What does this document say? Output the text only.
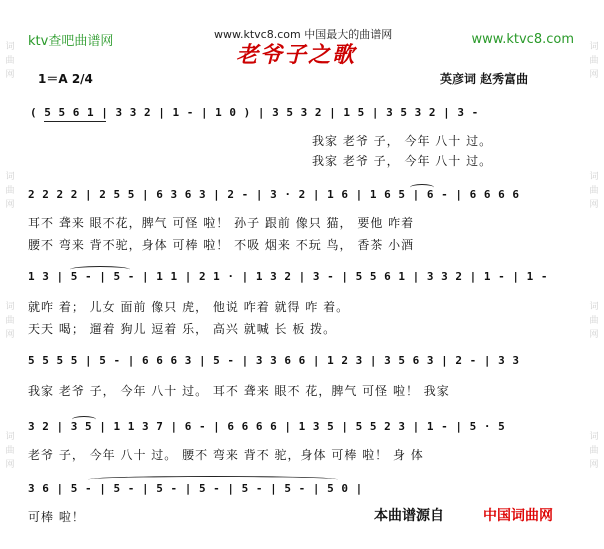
词曲网
词曲网
词曲网
词曲网
词曲网
词曲网
词曲网
词曲网
ktv查吧曲谱网	www.ktvc8.com 中国最大的曲谱网	www.ktvc8.com
老爷子之歌
1＝A 2/4	英彦词 赵秀富曲
( 5 5 6 1 | 3 3 2 | 1 - | 1 0 ) | 3 5 3 2 | 1 5 | 3 5 3 2 | 3 -
我家 老爷 子， 今年 八十 过。
我家 老爷 子， 今年 八十 过。
2 2 2 2 | 2 5 5 | 6 3 6 3 | 2 - | 3 · 2 | 1 6 | 1 6 5 | 6 - | 6 6 6 6
耳不 聋来 眼不花，脾气 可怪 啦！ 孙子 跟前 像只 猫， 要他 咋着
腰不 弯来 背不驼，身体 可棒 啦！ 不吸 烟来 不玩 鸟， 香茶 小酒
1 3 | 5 - | 5 - | 1 1 | 2 1 · | 1 3 2 | 3 - | 5 5 6 1 | 3 3 2 | 1 - | 1 -
就咋 着； 儿女 面前 像只 虎， 他说 咋着 就得 咋 着。
天天 喝； 遛着 狗儿 逗着 乐， 高兴 就喊 长 板 拨。
5 5 5 5 | 5 - | 6 6 6 3 | 5 - | 3 3 6 6 | 1 2 3 | 3 5 6 3 | 2 - | 3 3
我家 老爷 子， 今年 八十 过。 耳不 聋来 眼不 花，脾气 可怪 啦！ 我家
3 2 | 3 5 | 1 1 3 7 | 6 - | 6 6 6 6 | 1 3 5 | 5 5 2 3 | 1 - | 5 · 5
老爷 子， 今年 八十 过。 腰不 弯来 背不 驼，身体 可棒 啦！ 身 体
3 6 | 5 - | 5 - | 5 - | 5 - | 5 - | 5 - | 5 0 |
可棒 啦！	本曲谱源自	中国词曲网
